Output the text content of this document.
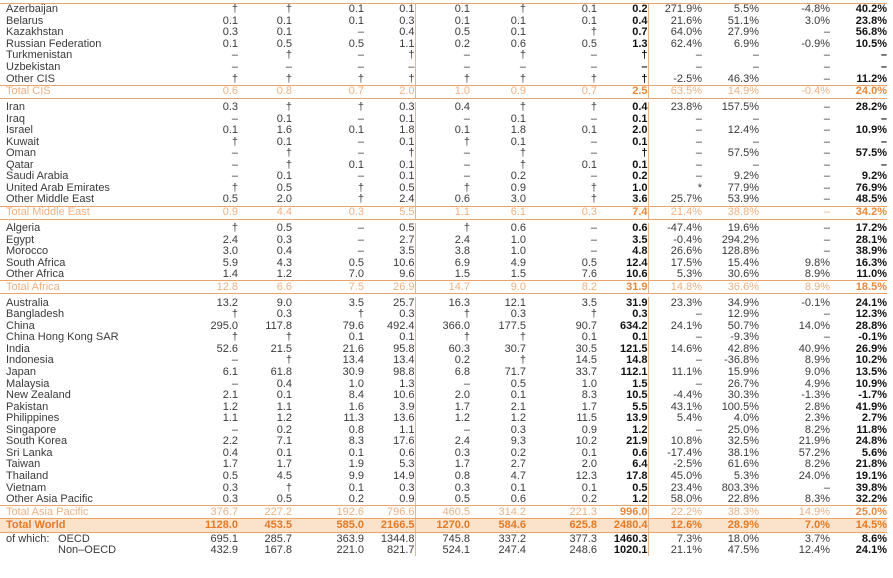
Azerbaijan	†	†	0.1	0.1	0.1	†	0.1	0.2	271.9%	5.5%	-4.8%	40.2%
Belarus	0.1	0.1	0.1	0.3	0.1	0.1	0.1	0.4	21.6%	51.1%	3.0%	23.8%
Kazakhstan	0.3	0.1	–	0.4	0.5	0.1	†	0.7	64.0%	27.9%	–	56.8%
Russian Federation	0.1	0.5	0.5	1.1	0.2	0.6	0.5	1.3	62.4%	6.9%	-0.9%	10.5%
Turkmenistan	–	†	–	†	–	†	–	†	–	–	–	–
Uzbekistan	–	–	–	–	–	–	–	–	–	–	–	–
Other CIS	†	†	†	†	†	†	†	†	-2.5%	46.3%	–	11.2%
Total CIS	0.6	0.8	0.7	2.0	1.0	0.9	0.7	2.5	63.5%	14.9%	-0.4%	24.0%

Iran	0.3	†	†	0.3	0.4	†	†	0.4	23.8%	157.5%	–	28.2%
Iraq	–	0.1	–	0.1	–	0.1	–	0.1	–	–	–	–
Israel	0.1	1.6	0.1	1.8	0.1	1.8	0.1	2.0	–	12.4%	–	10.9%
Kuwait	†	0.1	–	0.1	†	0.1	–	0.1	–	–	–	–
Oman	–	†	–	†	–	†	–	†	–	57.5%	–	57.5%
Qatar	–	†	0.1	0.1	–	†	0.1	0.1	–	–	–	–
Saudi Arabia	–	0.1	–	0.1	–	0.2	–	0.2	–	9.2%	–	9.2%
United Arab Emirates	†	0.5	†	0.5	†	0.9	†	1.0	*	77.9%	–	76.9%
Other Middle East	0.5	2.0	†	2.4	0.6	3.0	†	3.6	25.7%	53.9%	–	48.5%
Total Middle East	0.9	4.4	0.3	5.5	1.1	6.1	0.3	7.4	21.4%	38.8%	–	34.2%

Algeria	†	0.5	–	0.5	†	0.6	–	0.6	-47.4%	19.6%	–	17.2%
Egypt	2.4	0.3	–	2.7	2.4	1.0	–	3.5	-0.4%	294.2%	–	28.1%
Morocco	3.0	0.4	–	3.5	3.8	1.0	–	4.8	26.6%	128.8%	–	38.9%
South Africa	5.9	4.3	0.5	10.6	6.9	4.9	0.5	12.4	17.5%	15.4%	9.8%	16.3%
Other Africa	1.4	1.2	7.0	9.6	1.5	1.5	7.6	10.6	5.3%	30.6%	8.9%	11.0%
Total Africa	12.8	6.6	7.5	26.9	14.7	9.0	8.2	31.9	14.8%	36.6%	8.9%	18.5%

Australia	13.2	9.0	3.5	25.7	16.3	12.1	3.5	31.9	23.3%	34.9%	-0.1%	24.1%
Bangladesh	†	0.3	†	0.3	†	0.3	†	0.3	–	12.9%	–	12.3%
China	295.0	117.8	79.6	492.4	366.0	177.5	90.7	634.2	24.1%	50.7%	14.0%	28.8%
China Hong Kong SAR	†	†	0.1	0.1	†	†	0.1	0.1	–	-9.3%	–	-0.1%
India	52.6	21.5	21.6	95.8	60.3	30.7	30.5	121.5	14.6%	42.8%	40.9%	26.9%
Indonesia	–	†	13.4	13.4	0.2	†	14.5	14.8	–	-36.8%	8.9%	10.2%
Japan	6.1	61.8	30.9	98.8	6.8	71.7	33.7	112.1	11.1%	15.9%	9.0%	13.5%
Malaysia	–	0.4	1.0	1.3	–	0.5	1.0	1.5	–	26.7%	4.9%	10.9%
New Zealand	2.1	0.1	8.4	10.6	2.0	0.1	8.3	10.5	-4.4%	30.3%	-1.3%	-1.7%
Pakistan	1.2	1.1	1.6	3.9	1.7	2.1	1.7	5.5	43.1%	100.5%	2.8%	41.9%
Philippines	1.1	1.2	11.3	13.6	1.2	1.2	11.5	13.9	5.4%	4.0%	2.3%	2.7%
Singapore	–	0.2	0.8	1.1	–	0.3	0.9	1.2	–	25.0%	8.2%	11.8%
South Korea	2.2	7.1	8.3	17.6	2.4	9.3	10.2	21.9	10.8%	32.5%	21.9%	24.8%
Sri Lanka	0.4	0.1	0.1	0.6	0.3	0.2	0.1	0.6	-17.4%	38.1%	57.2%	5.6%
Taiwan	1.7	1.7	1.9	5.3	1.7	2.7	2.0	6.4	-2.5%	61.6%	8.2%	21.8%
Thailand	0.5	4.5	9.9	14.9	0.8	4.7	12.3	17.8	45.0%	5.3%	24.0%	19.1%
Vietnam	0.3	†	0.1	0.3	0.3	0.1	0.1	0.5	23.4%	803.3%	–	39.8%
Other Asia Pacific	0.3	0.5	0.2	0.9	0.5	0.6	0.2	1.2	58.0%	22.8%	8.3%	32.2%
Total Asia Pacific	376.7	227.2	192.6	796.6	460.5	314.2	221.3	996.0	22.2%	38.3%	14.9%	25.0%
Total World	1128.0	453.5	585.0	2166.5	1270.0	584.6	625.8	2480.4	12.6%	28.9%	7.0%	14.5%
of which: OECD	695.1	285.7	363.9	1344.8	745.8	337.2	377.3	1460.3	7.3%	18.0%	3.7%	8.6%
Non–OECD	432.9	167.8	221.0	821.7	524.1	247.4	248.6	1020.1	21.1%	47.5%	12.4%	24.1%
